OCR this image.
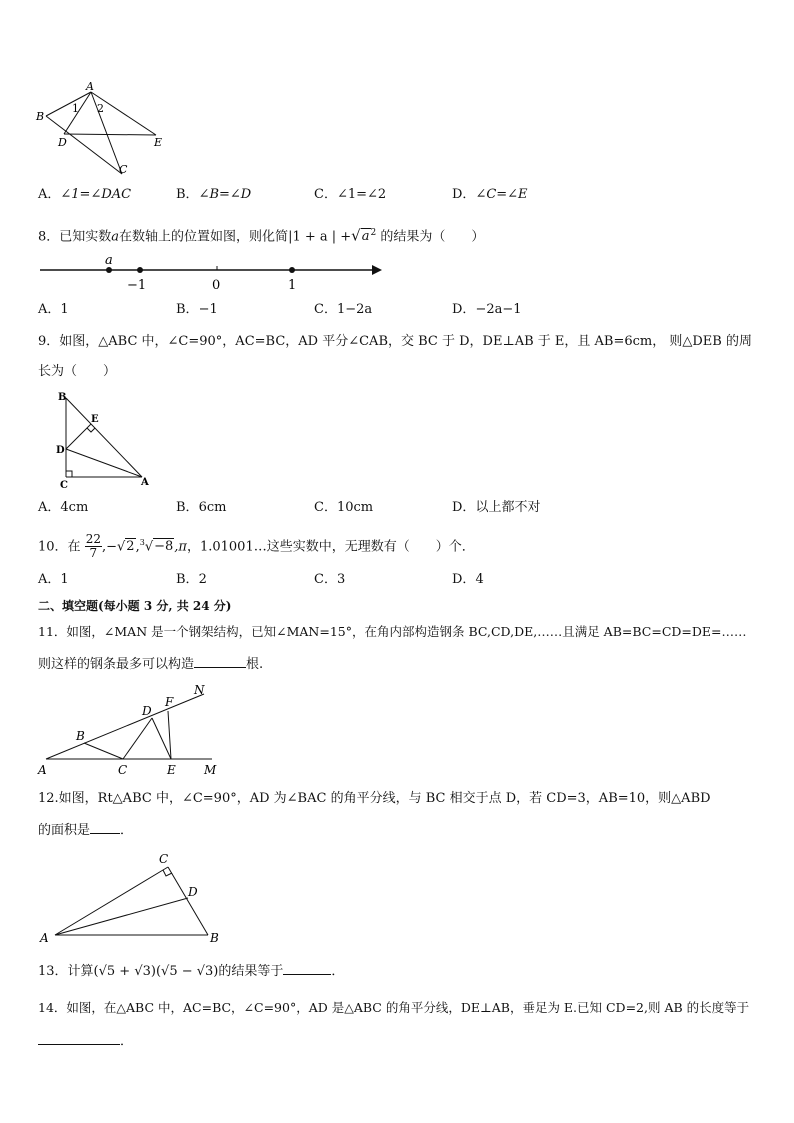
A
B
1 2
D	E
C
A．∠1=∠DAC	B．∠B=∠D	C．∠1=∠2	D．∠C=∠E
8．已知实数a在数轴上的位置如图，则化简|1 + a | $+√a^2$ 的结果为（　　）
a
−1	0	1
A．1	B．−1	C．1−2a	D．−2a−1
9．如图，△ABC 中，∠C=90°，AC=BC，AD 平分∠CAB，交 BC 于 D，DE⊥AB 于 E，且 AB=6cm， 则△DEB 的周
长为（　　）
B
E
D
C	A
A．4cm	B．6cm	C．10cm	D．以上都不对
10．在 $\frac{22}{7} ,-√2,^3√-8,\pi$，1.01001…这些实数中，无理数有（　　）个．
A．1	B．2	C．3	D．4
二、填空题(每小题 3 分, 共 24 分)
11．如图，∠MAN 是一个钢架结构，已知∠MAN=15°，在角内部构造钢条 BC,CD,DE,……且满足 AB=BC=CD=DE=……
则这样的钢条最多可以构造	根.
N
F
D
B
A	C	E M
12.如图，Rt△ABC 中，∠C=90°，AD 为∠BAC 的角平分线，与 BC 相交于点 D，若 CD=3，AB=10，则△ABD
的面积是 ．
C
D
A	B
13．计算(√5 + √3)(√5 − √3)的结果等于	．
14．如图，在△ABC 中，AC=BC，∠C=90°，AD 是△ABC 的角平分线，DE⊥AB，垂足为 E.已知 CD=2,则 AB 的长度等于
．
